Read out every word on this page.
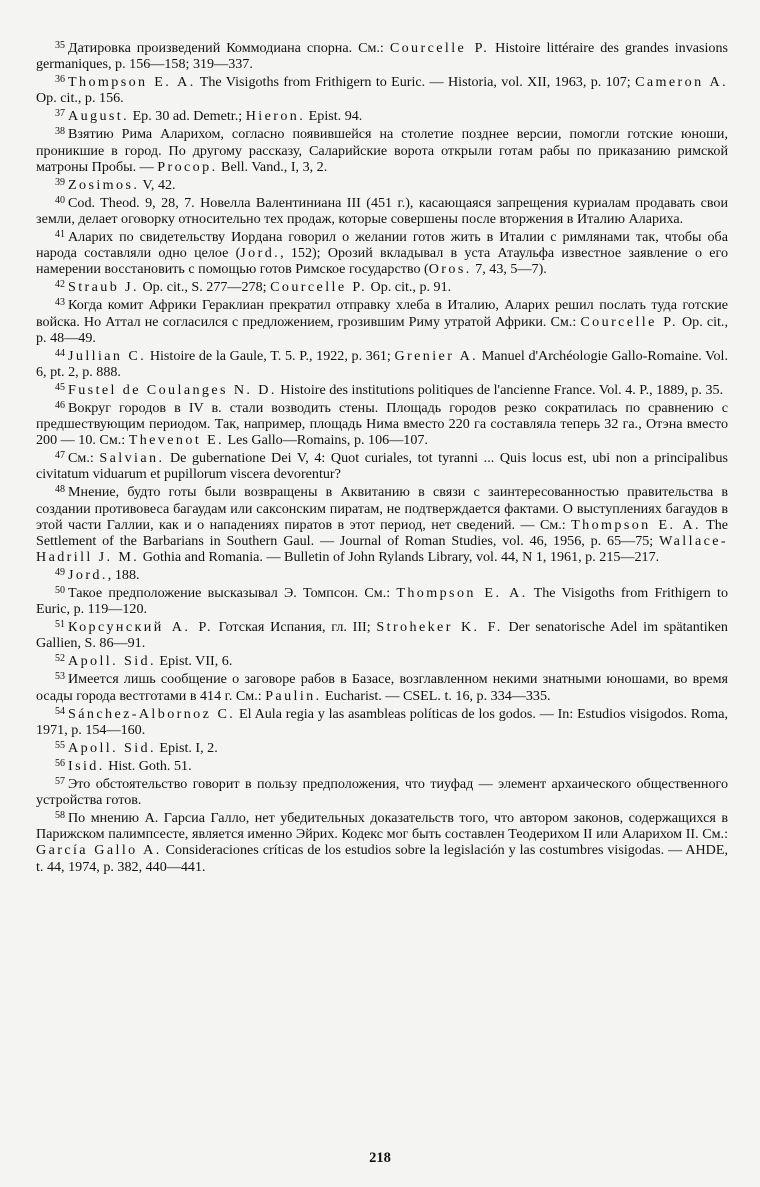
$^{35}$ Датировка произведений Коммодиана спорна. См.: Courcelle P. Histoire littéraire des grandes invasions germaniques, p. 156—158; 319—337.

$^{36}$ Thompson E. A. The Visigoths from Frithigern to Euric. — Historia, vol. XII, 1963, p. 107; Cameron A. Op. cit., p. 156.

$^{37}$ August. Ep. 30 ad. Demetr.; Hieron. Epist. 94.

$^{38}$ Взятию Рима Аларихом, согласно появившейся на столетие позднее версии, помогли готские юноши, проникшие в город. По другому рассказу, Саларийские ворота открыли готам рабы по приказанию римской матроны Пробы. — Procop. Bell. Vand., I, 3, 2.

$^{39}$ Zosimos. V, 42.

$^{40}$ Cod. Theod. 9, 28, 7. Новелла Валентиниана III (451 г.), касающаяся запрещения куриалам продавать свои земли, делает оговорку относительно тех продаж, которые совершены после вторжения в Италию Алариха.

$^{41}$ Аларих по свидетельству Иордана говорил о желании готов жить в Италии с римлянами так, чтобы оба народа составляли одно целое (Jord., 152); Орозий вкладывал в уста Атаульфа известное заявление о его намерении восстановить с помощью готов Римское государство (Oros. 7, 43, 5—7).

$^{42}$ Straub J. Op. cit., S. 277—278; Courcelle P. Op. cit., p. 91.

$^{43}$ Когда комит Африки Гераклиан прекратил отправку хлеба в Италию, Аларих решил послать туда готские войска. Но Аттал не согласился с предложением, грозившим Риму утратой Африки. См.: Courcelle P. Op. cit., p. 48—49.

$^{44}$ Jullian C. Histoire de la Gaule, T. 5. P., 1922, p. 361; Grenier A. Manuel d'Archéologie Gallo-Romaine. Vol. 6, pt. 2, p. 888.

$^{45}$ Fustel de Coulanges N. D. Histoire des institutions politiques de l'ancienne France. Vol. 4. P., 1889, p. 35.

$^{46}$ Вокруг городов в IV в. стали возводить стены. Площадь городов резко сократилась по сравнению с предшествующим периодом. Так, например, площадь Нима вместо 220 га составляла теперь 32 га., Отэна вместо 200 — 10. См.: Thevenot E. Les Gallo—Romains, p. 106—107.

$^{47}$ См.: Salvian. De gubernatione Dei V, 4: Quot curiales, tot tyranni ... Quis locus est, ubi non a principalibus civitatum viduarum et pupillorum viscera devorentur?

$^{48}$ Мнение, будто готы были возвращены в Аквитанию в связи с заинтересованностью правительства в создании противовеса багаудам или саксонским пиратам, не подтверждается фактами. О выступлениях багаудов в этой части Галлии, как и о нападениях пиратов в этот период, нет сведений. — См.: Thompson E. A. The Settlement of the Barbarians in Southern Gaul. — Journal of Roman Studies, vol. 46, 1956, p. 65—75; Wallace-Hadrill J. M. Gothia and Romania. — Bulletin of John Rylands Library, vol. 44, N 1, 1961, p. 215—217.

$^{49}$ Jord., 188.

$^{50}$ Такое предположение высказывал Э. Томпсон. См.: Thompson E. A. The Visigoths from Frithigern to Euric, p. 119—120.

$^{51}$ Корсунский А. Р. Готская Испания, гл. III; Stroheker K. F. Der senatorische Adel im spätantiken Gallien, S. 86—91.

$^{52}$ Apoll. Sid. Epist. VII, 6.

$^{53}$ Имеется лишь сообщение о заговоре рабов в Базасе, возглавленном некими знатными юношами, во время осады города вестготами в 414 г. См.: Paulin. Eucharist. — CSEL. t. 16, p. 334—335.

$^{54}$ Sánchez-Albornoz C. El Aula regia y las asambleas políticas de los godos. — In: Estudios visigodos. Roma, 1971, p. 154—160.

$^{55}$ Apoll. Sid. Epist. I, 2.

$^{56}$ Isid. Hist. Goth. 51.

$^{57}$ Это обстоятельство говорит в пользу предположения, что тиуфад — элемент архаического общественного устройства готов.

$^{58}$ По мнению А. Гарсиа Галло, нет убедительных доказательств того, что автором законов, содержащихся в Парижском палимпсесте, является именно Эйрих. Кодекс мог быть составлен Теодерихом II или Аларихом II. См.: García Gallo A. Consideraciones críticas de los estudios sobre la legislación y las costumbres visigodas. — AHDE, t. 44, 1974, p. 382, 440—441.

218
